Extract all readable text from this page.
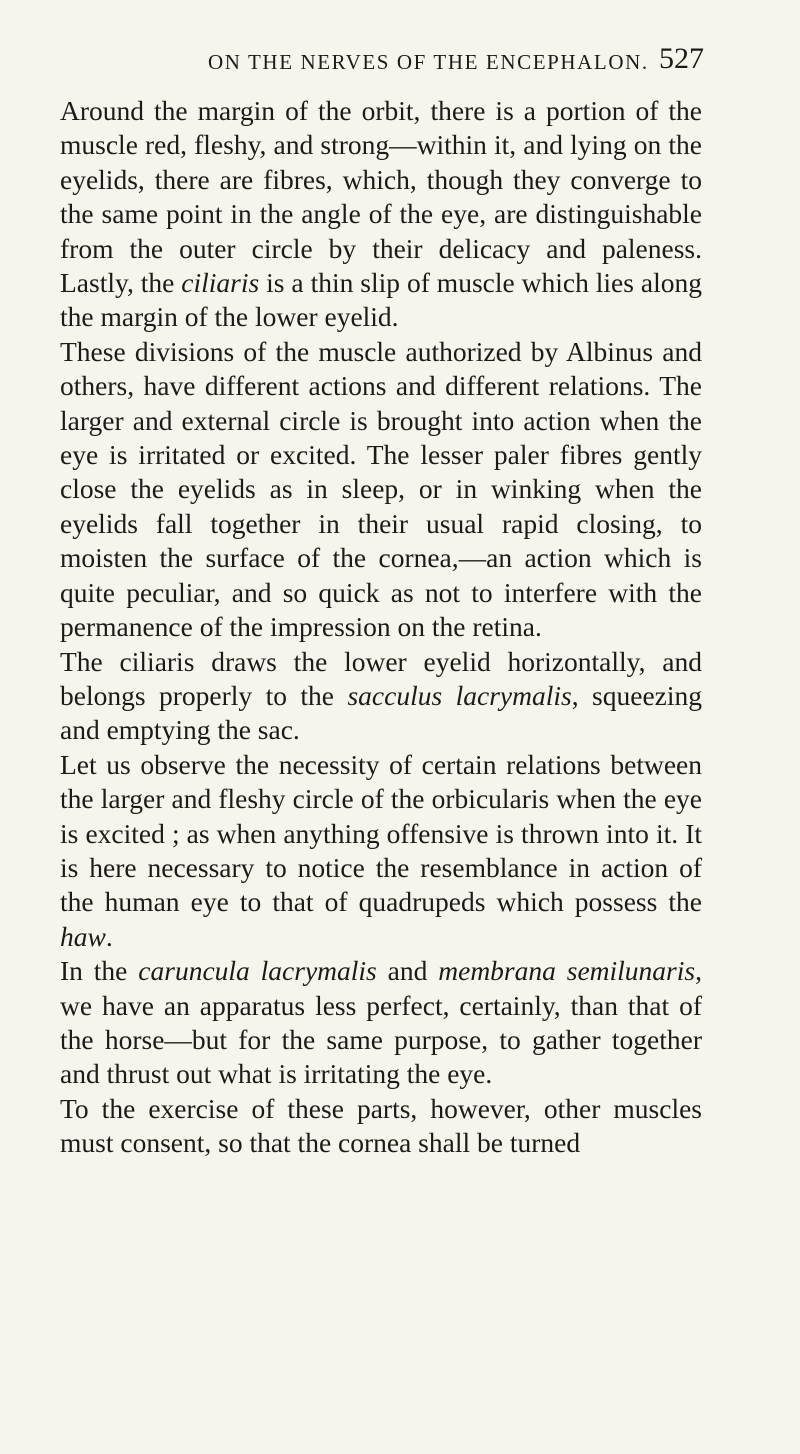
ON THE NERVES OF THE ENCEPHALON. 527

Around the margin of the orbit, there is a portion of the muscle red, fleshy, and strong—within it, and lying on the eyelids, there are fibres, which, though they converge to the same point in the angle of the eye, are distinguishable from the outer circle by their delicacy and paleness. Lastly, the ciliaris is a thin slip of muscle which lies along the margin of the lower eyelid.

These divisions of the muscle authorized by Albinus and others, have different actions and different relations. The larger and external circle is brought into action when the eye is irritated or excited. The lesser paler fibres gently close the eyelids as in sleep, or in winking when the eyelids fall together in their usual rapid closing, to moisten the surface of the cornea,—an action which is quite peculiar, and so quick as not to interfere with the permanence of the impression on the retina.

The ciliaris draws the lower eyelid horizontally, and belongs properly to the sacculus lacrymalis, squeezing and emptying the sac.

Let us observe the necessity of certain relations between the larger and fleshy circle of the orbicularis when the eye is excited ; as when anything offensive is thrown into it. It is here necessary to notice the resemblance in action of the human eye to that of quadrupeds which possess the haw.

In the caruncula lacrymalis and membrana semilunaris, we have an apparatus less perfect, certainly, than that of the horse—but for the same purpose, to gather together and thrust out what is irritating the eye.

To the exercise of these parts, however, other muscles must consent, so that the cornea shall be turned
